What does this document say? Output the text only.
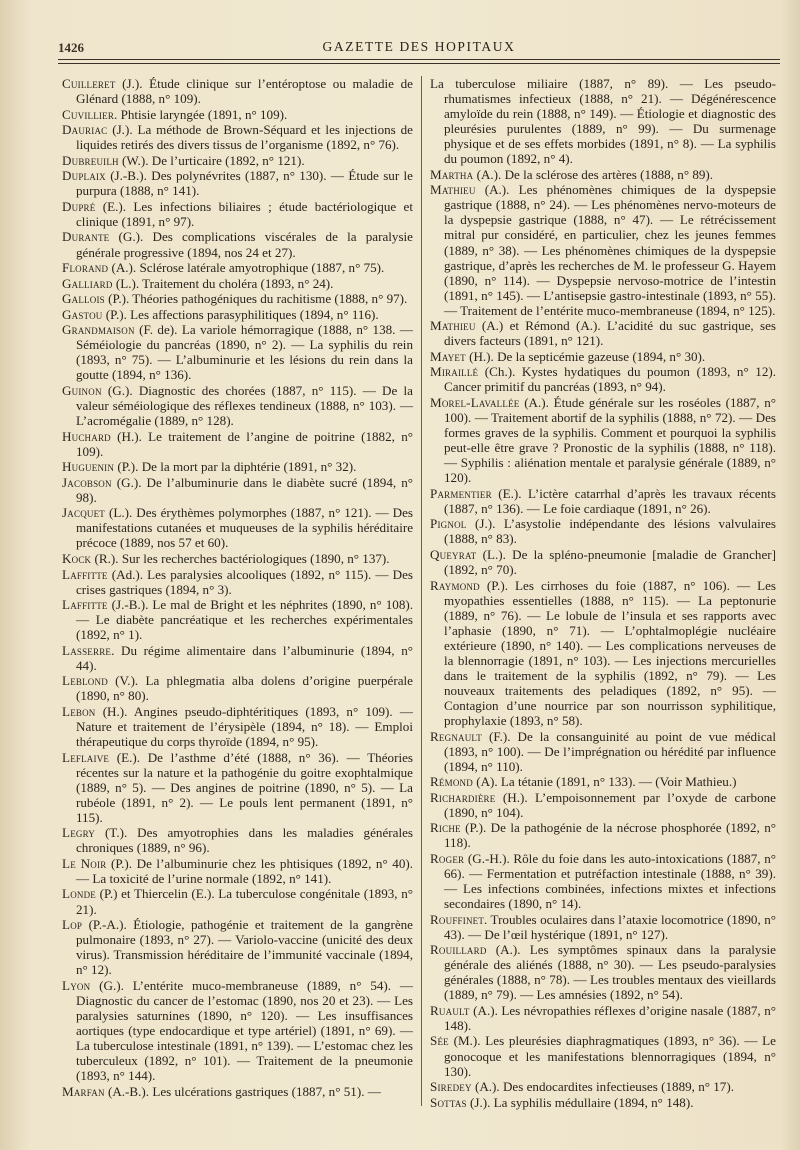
1426	GAZETTE DES HOPITAUX

Cuilleret (J.). Étude clinique sur l’entéroptose ou maladie de Glénard (1888, n° 109).

Cuvillier. Phtisie laryngée (1891, n° 109).

Dauriac (J.). La méthode de Brown-Séquard et les injections de liquides retirés des divers tissus de l’organisme (1892, n° 76).

Dubreuilh (W.). De l’urticaire (1892, n° 121).

Duplaix (J.-B.). Des polynévrites (1887, n° 130). — Étude sur le purpura (1888, n° 141).

Dupré (E.). Les infections biliaires ; étude bactériologique et clinique (1891, n° 97).

Durante (G.). Des complications viscérales de la paralysie générale progressive (1894, nos 24 et 27).

Florand (A.). Sclérose latérale amyotrophique (1887, n° 75).

Galliard (L.). Traitement du choléra (1893, n° 24).

Gallois (P.). Théories pathogéniques du rachitisme (1888, n° 97).

Gastou (P.). Les affections parasyphilitiques (1894, n° 116).

Grandmaison (F. de). La variole hémorragique (1888, n° 138. — Séméiologie du pancréas (1890, n° 2). — La syphilis du rein (1893, n° 75). — L’albuminurie et les lésions du rein dans la goutte (1894, n° 136).

Guinon (G.). Diagnostic des chorées (1887, n° 115). — De la valeur séméiologique des réflexes tendineux (1888, n° 103). — L’acromégalie (1889, n° 128).

Huchard (H.). Le traitement de l’angine de poitrine (1882, n° 109).

Huguenin (P.). De la mort par la diphtérie (1891, n° 32).

Jacobson (G.). De l’albuminurie dans le diabète sucré (1894, n° 98).

Jacquet (L.). Des érythèmes polymorphes (1887, n° 121). — Des manifestations cutanées et muqueuses de la syphilis héréditaire précoce (1889, nos 57 et 60).

Kock (R.). Sur les recherches bactériologiques (1890, n° 137).

Laffitte (Ad.). Les paralysies alcooliques (1892, n° 115). — Des crises gastriques (1894, n° 3).

Laffitte (J.-B.). Le mal de Bright et les néphrites (1890, n° 108). — Le diabète pancréatique et les recherches expérimentales (1892, n° 1).

Lasserre. Du régime alimentaire dans l’albuminurie (1894, n° 44).

Leblond (V.). La phlegmatia alba dolens d’origine puerpérale (1890, n° 80).

Lebon (H.). Angines pseudo-diphtéritiques (1893, n° 109). — Nature et traitement de l’érysipèle (1894, n° 18). — Emploi thérapeutique du corps thyroïde (1894, n° 95).

Leflaive (E.). De l’asthme d’été (1888, n° 36). — Théories récentes sur la nature et la pathogénie du goitre exophtalmique (1889, n° 5). — Des angines de poitrine (1890, n° 5). — La rubéole (1891, n° 2). — Le pouls lent permanent (1891, n° 115).

Legry (T.). Des amyotrophies dans les maladies générales chroniques (1889, n° 96).

Le Noir (P.). De l’albuminurie chez les phtisiques (1892, n° 40). — La toxicité de l’urine normale (1892, n° 141).

Londe (P.) et Thiercelin (E.). La tuberculose congénitale (1893, n° 21).

Lop (P.-A.). Étiologie, pathogénie et traitement de la gangrène pulmonaire (1893, n° 27). — Variolo-vaccine (unicité des deux virus). Transmission héréditaire de l’immunité vaccinale (1894, n° 12).

Lyon (G.). L’entérite muco-membraneuse (1889, n° 54). — Diagnostic du cancer de l’estomac (1890, nos 20 et 23). — Les paralysies saturnines (1890, n° 120). — Les insuffisances aortiques (type endocardique et type artériel) (1891, n° 69). — La tuberculose intestinale (1891, n° 139). — L’estomac chez les tuberculeux (1892, n° 101). — Traitement de la pneumonie (1893, n° 144).

Marfan (A.-B.). Les ulcérations gastriques (1887, n° 51). —

La tuberculose miliaire (1887, n° 89). — Les pseudo-rhumatismes infectieux (1888, n° 21). — Dégénérescence amyloïde du rein (1888, n° 149). — Étiologie et diagnostic des pleurésies purulentes (1889, n° 99). — Du surmenage physique et de ses effets morbides (1891, n° 8). — La syphilis du poumon (1892, n° 4).

Martha (A.). De la sclérose des artères (1888, n° 89).

Mathieu (A.). Les phénomènes chimiques de la dyspepsie gastrique (1888, n° 24). — Les phénomènes nervo-moteurs de la dyspepsie gastrique (1888, n° 47). — Le rétrécissement mitral pur considéré, en particulier, chez les jeunes femmes (1889, n° 38). — Les phénomènes chimiques de la dyspepsie gastrique, d’après les recherches de M. le professeur G. Hayem (1890, n° 114). — Dyspepsie nervoso-motrice de l’intestin (1891, n° 145). — L’antisepsie gastro-intestinale (1893, n° 55). — Traitement de l’entérite muco-membraneuse (1894, n° 125).

Mathieu (A.) et Rémond (A.). L’acidité du suc gastrique, ses divers facteurs (1891, n° 121).

Mayet (H.). De la septicémie gazeuse (1894, n° 30).

Miraillé (Ch.). Kystes hydatiques du poumon (1893, n° 12). Cancer primitif du pancréas (1893, n° 94).

Morel-Lavallée (A.). Étude générale sur les roséoles (1887, n° 100). — Traitement abortif de la syphilis (1888, n° 72). — Des formes graves de la syphilis. Comment et pourquoi la syphilis peut-elle être grave ? Pronostic de la syphilis (1888, n° 118). — Syphilis : aliénation mentale et paralysie générale (1889, n° 120).

Parmentier (E.). L’ictère catarrhal d’après les travaux récents (1887, n° 136). — Le foie cardiaque (1891, n° 26).

Pignol (J.). L’asystolie indépendante des lésions valvulaires (1888, n° 83).

Queyrat (L.). De la spléno-pneumonie [maladie de Grancher] (1892, n° 70).

Raymond (P.). Les cirrhoses du foie (1887, n° 106). — Les myopathies essentielles (1888, n° 115). — La peptonurie (1889, n° 76). — Le lobule de l’insula et ses rapports avec l’aphasie (1890, n° 71). — L’ophtalmoplégie nucléaire extérieure (1890, n° 140). — Les complications nerveuses de la blennorragie (1891, n° 103). — Les injections mercurielles dans le traitement de la syphilis (1892, n° 79). — Les nouveaux traitements des peladiques (1892, n° 95). — Contagion d’une nourrice par son nourrisson syphilitique, prophylaxie (1893, n° 58).

Regnault (F.). De la consanguinité au point de vue médical (1893, n° 100). — De l’imprégnation ou hérédité par influence (1894, n° 110).

Rémond (A). La tétanie (1891, n° 133). — (Voir Mathieu.)

Richardière (H.). L’empoisonnement par l’oxyde de carbone (1890, n° 104).

Riche (P.). De la pathogénie de la nécrose phosphorée (1892, n° 118).

Roger (G.-H.). Rôle du foie dans les auto-intoxications (1887, n° 66). — Fermentation et putréfaction intestinale (1888, n° 39). — Les infections combinées, infections mixtes et infections secondaires (1890, n° 14).

Rouffinet. Troubles oculaires dans l’ataxie locomotrice (1890, n° 43). — De l’œil hystérique (1891, n° 127).

Rouillard (A.). Les symptômes spinaux dans la paralysie générale des aliénés (1888, n° 30). — Les pseudo-paralysies générales (1888, n° 78). — Les troubles mentaux des vieillards (1889, n° 79). — Les amnésies (1892, n° 54).

Ruault (A.). Les névropathies réflexes d’origine nasale (1887, n° 148).

Sée (M.). Les pleurésies diaphragmatiques (1893, n° 36). — Le gonocoque et les manifestations blennorragiques (1894, n° 130).

Siredey (A.). Des endocardites infectieuses (1889, n° 17).

Sottas (J.). La syphilis médullaire (1894, n° 148).
